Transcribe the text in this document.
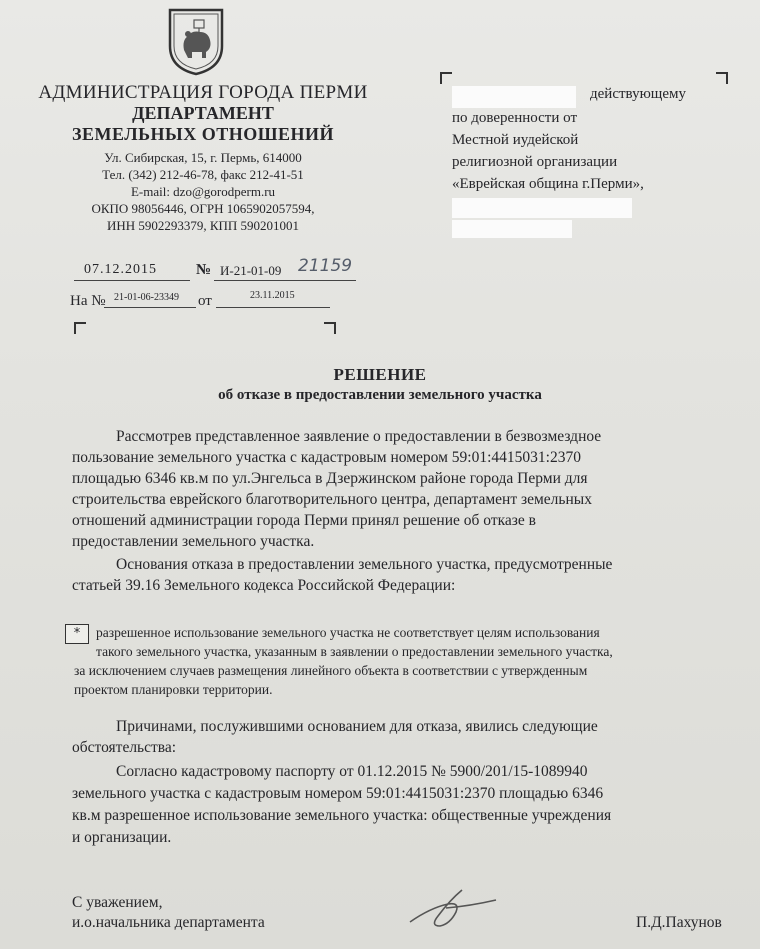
АДМИНИСТРАЦИЯ ГОРОДА ПЕРМИ
ДЕПАРТАМЕНТ
ЗЕМЕЛЬНЫХ ОТНОШЕНИЙ
Ул. Сибирская, 15, г. Пермь, 614000
Тел. (342) 212-46-78, факс 212-41-51
E-mail: dzo@gorodperm.ru
ОКПО 98056446, ОГРН 1065902057594,
ИНН 5902293379, КПП 590201001
действующему
по доверенности от
Местной иудейской
религиозной организации
«Еврейская община г.Перми»,
07.12.2015	№ И-21-01-09 21159
На № 21-01-06-23349 от	23.11.2015
РЕШЕНИЕ
об отказе в предоставлении земельного участка
Рассмотрев представленное заявление о предоставлении в безвозмездное
пользование земельного участка с кадастровым номером 59:01:4415031:2370
площадью 6346 кв.м по ул.Энгельса в Дзержинском районе города Перми для
строительства еврейского благотворительного центра, департамент земельных
отношений администрации города Перми принял решение об отказе в
предоставлении земельного участка.
Основания отказа в предоставлении земельного участка, предусмотренные
статьей 39.16 Земельного кодекса Российской Федерации:
*	разрешенное использование земельного участка не соответствует целям использования
такого земельного участка, указанным в заявлении о предоставлении земельного участка,
за исключением случаев размещения линейного объекта в соответствии с утвержденным
проектом планировки территории.
Причинами, послужившими основанием для отказа, явились следующие
обстоятельства:
Согласно кадастровому паспорту от 01.12.2015 № 5900/201/15-1089940
земельного участка с кадастровым номером 59:01:4415031:2370 площадью 6346
кв.м разрешенное использование земельного участка: общественные учреждения
и организации.
С уважением,
и.о.начальника департамента	П.Д.Пахунов
